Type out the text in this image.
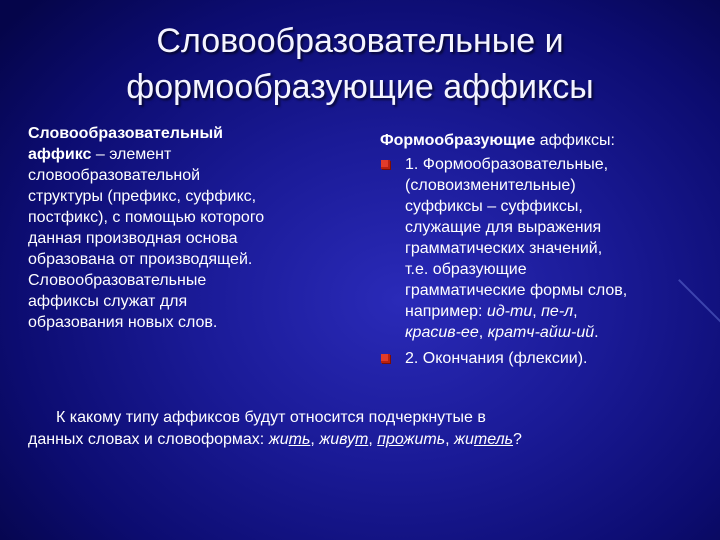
Словообразовательные и
формообразующие аффиксы
Словообразовательный
аффикс – элемент
словообразовательной
структуры (префикс, суффикс,
постфикс), с помощью которого
данная производная основа
образована от производящей.
Словообразовательные
аффиксы служат для
образования новых слов.
Формообразующие аффиксы:
1. Формообразовательные,
(словоизменительные)
суффиксы – суффиксы,
служащие для выражения
грамматических значений,
т.е. образующие
грамматические формы слов,
например: ид-ти, пе-л,
красив-ее, кратч-айш-ий.
2. Окончания (флексии).
К какому типу аффиксов будут относится подчеркнутые в
данных словах и словоформах: жить, живут, прожить, житель?
